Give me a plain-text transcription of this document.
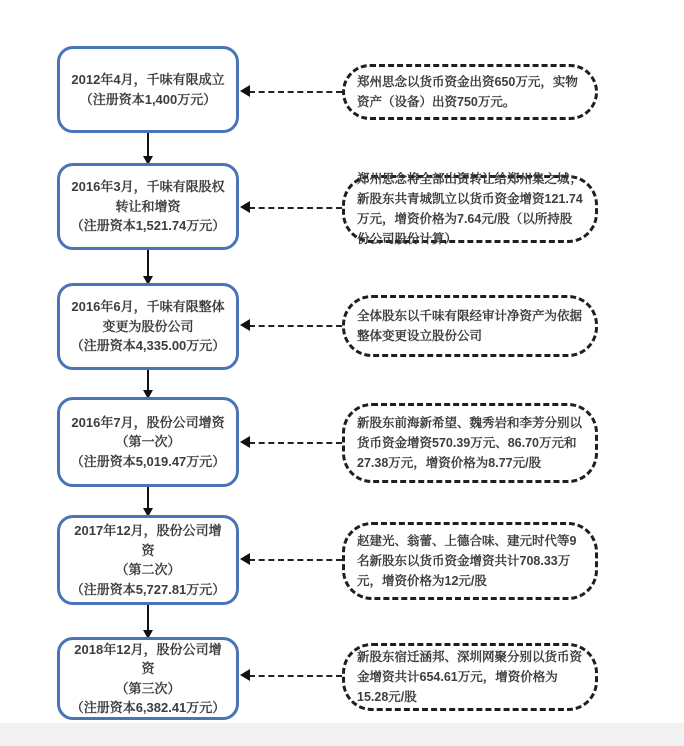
2012年4月，千味有限成立
（注册资本1,400万元）
郑州思念以货币资金出资650万元，实物资产（设备）出资750万元。
2016年3月，千味有限股权转让和增资
（注册资本1,521.74万元）
郑州思念将全部出资转让给郑州集之城；新股东共青城凯立以货币资金增资121.74万元，增资价格为7.64元/股（以所持股份公司股份计算）
2016年6月，千味有限整体变更为股份公司
（注册资本4,335.00万元）
全体股东以千味有限经审计净资产为依据整体变更设立股份公司
2016年7月，股份公司增资
（第一次）
（注册资本5,019.47万元）
新股东前海新希望、魏秀岩和李芳分别以货币资金增资570.39万元、86.70万元和27.38万元，增资价格为8.77元/股
2017年12月，股份公司增资
（第二次）
（注册资本5,727.81万元）
赵建光、翁蕾、上德合味、建元时代等9名新股东以货币资金增资共计708.33万元，增资价格为12元/股
2018年12月，股份公司增资
（第三次）
（注册资本6,382.41万元）
新股东宿迁涵邦、深圳网聚分别以货币资金增资共计654.61万元，增资价格为15.28元/股
